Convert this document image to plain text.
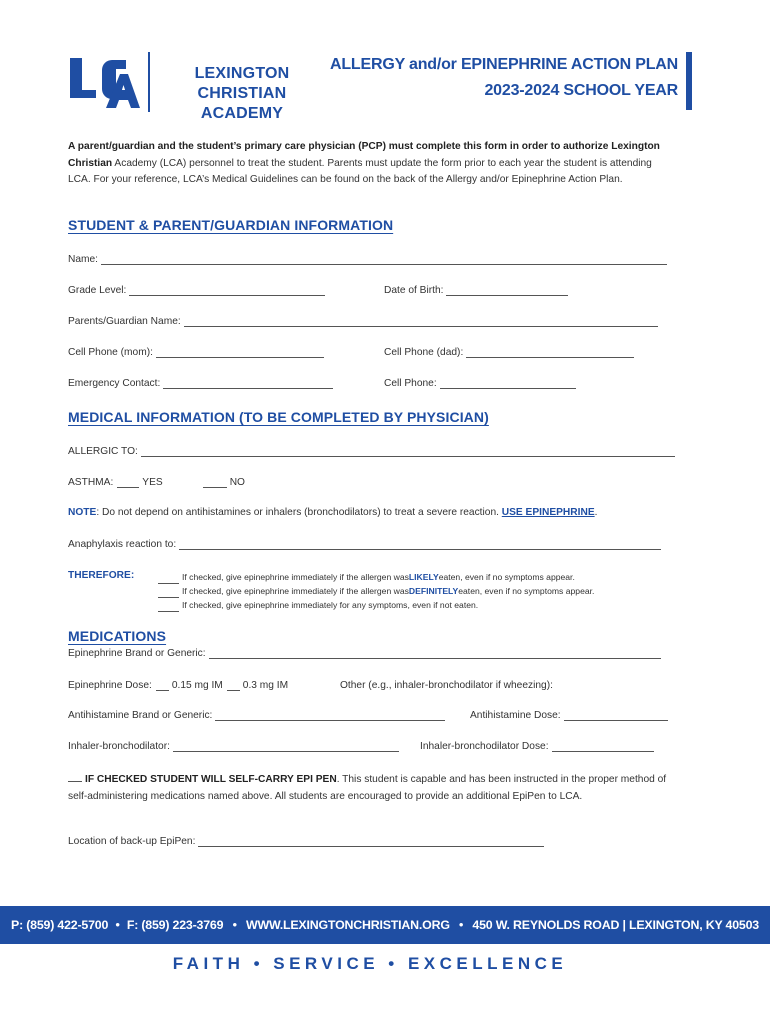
LEXINGTON CHRISTIAN
ACADEMY
ALLERGY and/or EPINEPHRINE ACTION PLAN
2023-2024 SCHOOL YEAR
A parent/guardian and the student’s primary care physician (PCP) must complete this form in order to authorize Lexington Christian Academy (LCA) personnel to treat the student. Parents must update the form prior to each year the student is attending LCA. For your reference, LCA’s Medical Guidelines can be found on the back of the Allergy and/or Epinephrine Action Plan.
STUDENT & PARENT/GUARDIAN INFORMATION
Name:
Grade Level:	Date of Birth:
Parents/Guardian Name:
Cell Phone (mom):	Cell Phone (dad):
Emergency Contact:	Cell Phone:
MEDICAL INFORMATION (TO BE COMPLETED BY PHYSICIAN)
ALLERGIC TO:
ASTHMA:	YES	NO
NOTE: Do not depend on antihistamines or inhalers (bronchodilators) to treat a severe reaction. USE EPINEPHRINE.
Anaphylaxis reaction to:
THEREFORE:	If checked, give epinephrine immediately if the allergen was LIKELY eaten, even if no symptoms appear.
If checked, give epinephrine immediately if the allergen was DEFINITELY eaten, even if no symptoms appear.
If checked, give epinephrine immediately for any symptoms, even if not eaten.
MEDICATIONS
Epinephrine Brand or Generic:
Epinephrine Dose: 0.15 mg IM 0.3 mg IM	Other (e.g., inhaler-bronchodilator if wheezing):
Antihistamine Brand or Generic:	Antihistamine Dose:
Inhaler-bronchodilator:	Inhaler-bronchodilator Dose:
IF CHECKED STUDENT WILL SELF-CARRY EPI PEN. This student is capable and has been instructed in the proper method of self-administering medications named above. All students are encouraged to provide an additional EpiPen to LCA.
Location of back-up EpiPen:
P: (859) 422-5700 • F: (859) 223-3769 • WWW.LEXINGTONCHRISTIAN.ORG • 450 W. REYNOLDS ROAD | LEXINGTON, KY 40503
FAITH • SERVICE • EXCELLENCE
